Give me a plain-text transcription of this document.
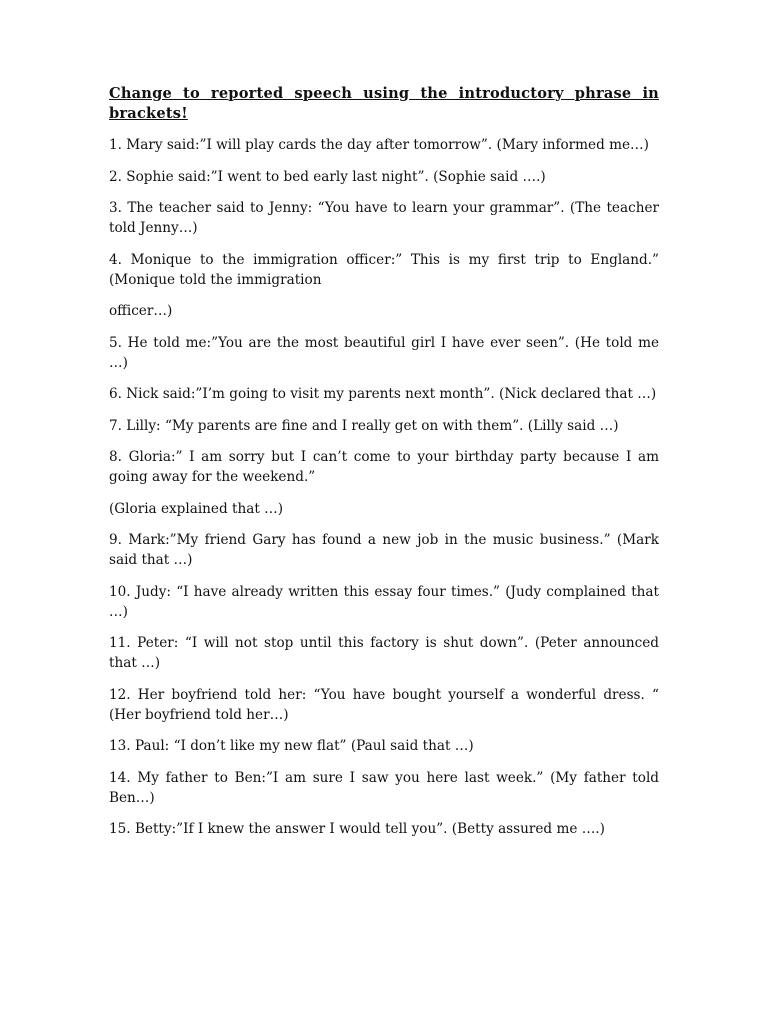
Change to reported speech using the introductory phrase in brackets!
1. Mary said:”I will play cards the day after tomorrow”. (Mary informed me…)
2. Sophie said:”I went to bed early last night”. (Sophie said ….)
3. The teacher said to Jenny: “You have to learn your grammar”. (The teacher told Jenny…)
4. Monique to the immigration officer:” This is my first trip to England.” (Monique told the immigration
officer…)
5. He told me:”You are the most beautiful girl I have ever seen”. (He told me …)
6. Nick said:”I’m going to visit my parents next month”. (Nick declared that …)
7. Lilly: “My parents are fine and I really get on with them”. (Lilly said …)
8. Gloria:” I am sorry but I can’t come to your birthday party because I am going away for the weekend.”
(Gloria explained that …)
9. Mark:”My friend Gary has found a new job in the music business.” (Mark said that …)
10. Judy: “I have already written this essay four times.” (Judy complained that …)
11. Peter: “I will not stop until this factory is shut down”. (Peter announced that …)
12. Her boyfriend told her: “You have bought yourself a wonderful dress. “ (Her boyfriend told her…)
13. Paul: “I don’t like my new flat” (Paul said that …)
14. My father to Ben:”I am sure I saw you here last week.” (My father told Ben…)
15. Betty:”If I knew the answer I would tell you”. (Betty assured me ….)
